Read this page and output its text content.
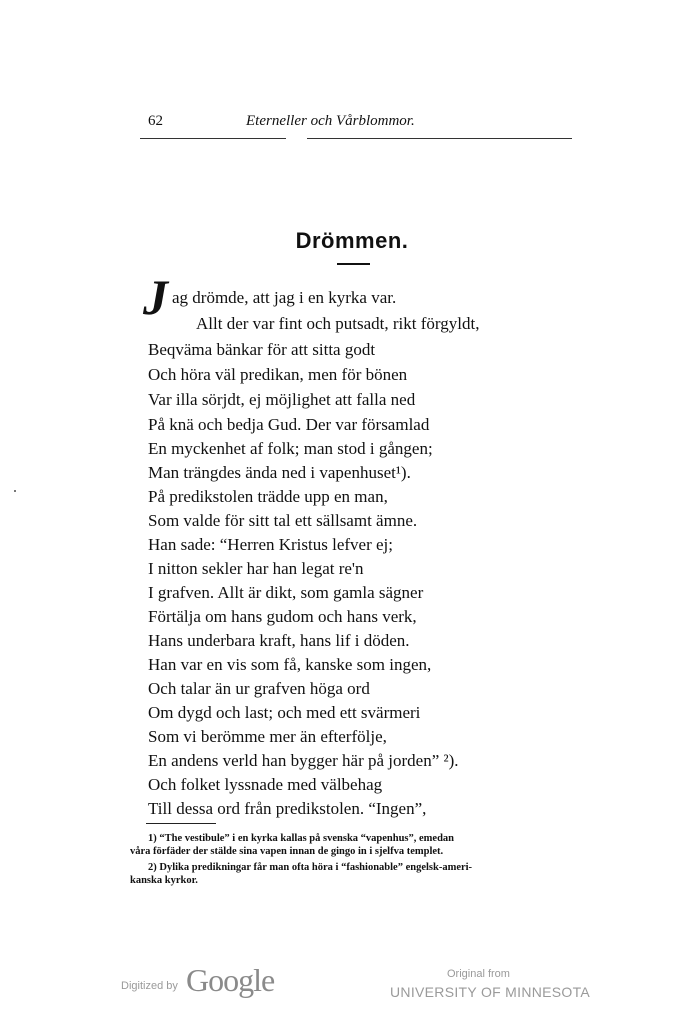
62	Eterneller och Vårblommor.
Drömmen.
J ag drömde, att jag i en kyrka var.
Allt der var fint och putsadt, rikt förgyldt,
Beqväma bänkar för att sitta godt
Och höra väl predikan, men för bönen
Var illa sörjdt, ej möjlighet att falla ned
På knä och bedja Gud. Der var församlad
En myckenhet af folk; man stod i gången;
Man trängdes ända ned i vapenhuset¹).
På predikstolen trädde upp en man,
Som valde för sitt tal ett sällsamt ämne.
Han sade: “Herren Kristus lefver ej;
I nitton sekler har han legat re'n
I grafven. Allt är dikt, som gamla sägner
Förtälja om hans gudom och hans verk,
Hans underbara kraft, hans lif i döden.
Han var en vis som få, kanske som ingen,
Och talar än ur grafven höga ord
Om dygd och last; och med ett svärmeri
Som vi berömme mer än efterfölje,
En andens verld han bygger här på jorden” ²).
Och folket lyssnade med välbehag
Till dessa ord från predikstolen. “Ingen”,
1) “The vestibule” i en kyrka kallas på svenska “vapenhus”, emedan
våra förfäder der stälde sina vapen innan de gingo in i sjelfva templet.
2) Dylika predikningar får man ofta höra i “fashionable” engelsk-ameri-
kanska kyrkor.
Digitized by Google	Original from
UNIVERSITY OF MINNESOTA
